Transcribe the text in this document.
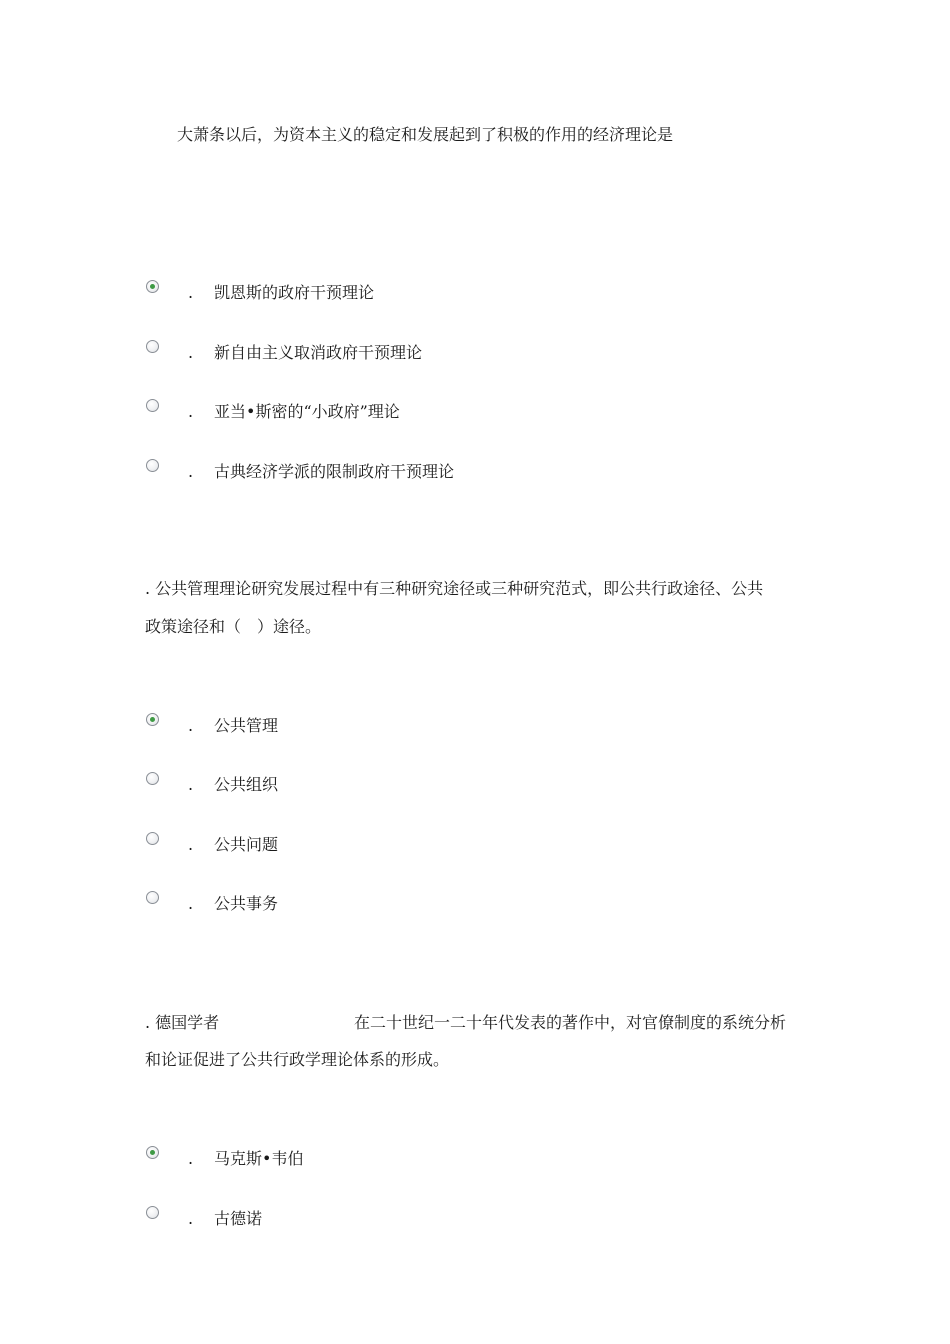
大萧条以后，为资本主义的稳定和发展起到了积极的作用的经济理论是

. 凯恩斯的政府干预理论
. 新自由主义取消政府干预理论
. 亚当•斯密的“小政府”理论
. 古典经济学派的限制政府干预理论

. 公共管理理论研究发展过程中有三种研究途径或三种研究范式，即公共行政途径、公共

政策途径和（　）途径。

. 公共管理
. 公共组织
. 公共问题
. 公共事务

. 德国学者	在二十世纪一二十年代发表的著作中，对官僚制度的系统分析

和论证促进了公共行政学理论体系的形成。

. 马克斯•韦伯
. 古德诺
